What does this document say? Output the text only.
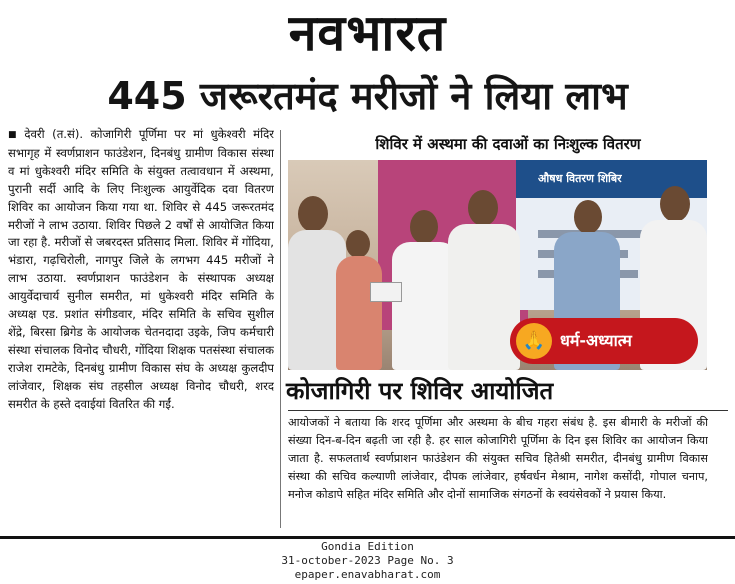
नवभारत
445 जरूरतमंद मरीजों ने लिया लाभ
■ देवरी (त.सं). कोजागिरी पूर्णिमा पर मां धुकेश्वरी मंदिर सभागृह में स्वर्णप्राशन फाउंडेशन, दिनबंधु ग्रामीण विकास संस्था व मां धुकेश्वरी मंदिर समिति के संयुक्त तत्वावधान में अस्थमा, पुरानी सर्दी आदि के लिए निःशुल्क आयुर्वेदिक दवा वितरण शिविर का आयोजन किया गया था. शिविर से 445 जरूरतमंद मरीजों ने लाभ उठाया. शिविर पिछले 2 वर्षों से आयोजित किया जा रहा है. मरीजों से जबरदस्त प्रतिसाद मिला. शिविर में गोंदिया, भंडारा, गढ़चिरोली, नागपुर जिले के लगभग 445 मरीजों ने लाभ उठाया. स्वर्णप्राशन फाउंडेशन के संस्थापक अध्यक्ष आयुर्वेदाचार्य सुनील समरीत, मां धुकेश्वरी मंदिर समिति के अध्यक्ष एड. प्रशांत संगीडवार, मंदिर समिति के सचिव सुशील शेंद्रे, बिरसा ब्रिगेड के आयोजक चेतनदादा उइके, जिप कर्मचारी संस्था संचालक विनोद चौधरी, गोंदिया शिक्षक पतसंस्था संचालक राजेश रामटेके, दिनबंधु ग्रामीण विकास संघ के अध्यक्ष कुलदीप लांजेवार, शिक्षक संघ तहसील अध्यक्ष विनोद चौधरी, शरद समरीत के हस्ते दवाईयां वितरित की गईं.
शिविर में अस्थमा की दवाओं का निःशुल्क वितरण
औषध वितरण शिबिर
🙏 धर्म-अध्यात्म
कोजागिरी पर शिविर आयोजित
आयोजकों ने बताया कि शरद पूर्णिमा और अस्थमा के बीच गहरा संबंध है. इस बीमारी के मरीजों की संख्या दिन-ब-दिन बढ़ती जा रही है. हर साल कोजागिरी पूर्णिमा के दिन इस शिविर का आयोजन किया जाता है. सफलतार्थ स्वर्णप्राशन फाउंडेशन की संयुक्त सचिव हितेश्री समरीत, दीनबंधु ग्रामीण विकास संस्था की सचिव कल्याणी लांजेवार, दीपक लांजेवार, हर्षवर्धन मेश्राम, नागेश कसोंदी, गोपाल चनाप, मनोज कोडापे सहित मंदिर समिति और दोनों सामाजिक संगठनों के स्वयंसेवकों ने प्रयास किया.
Gondia Edition
31-october-2023 Page No. 3
epaper.enavabharat.com
